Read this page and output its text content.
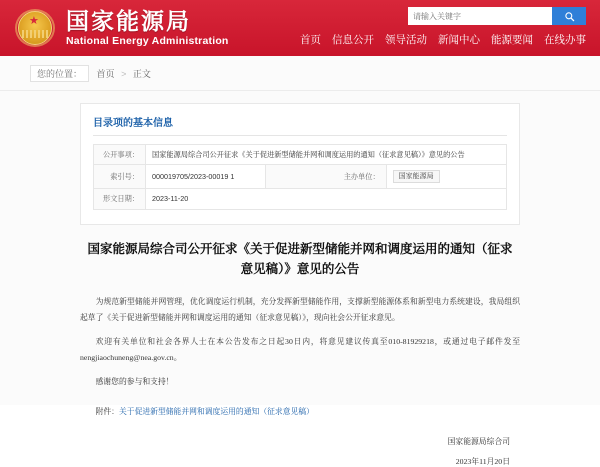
★ 国家能源局
National Energy Administration
请输入关键字	首页 信息公开 领导活动 新闻中心 能源要闻 在线办事
您的位置： 首页 > 正文
目录项的基本信息
公开事项：	国家能源局综合司公开征求《关于促进新型储能并网和调度运用的通知（征求意见稿）》意见的公告		
索引号：	000019705/2023-00019 1	主办单位：	国家能源局
形文日期：	2023-11-20		
国家能源局综合司公开征求《关于促进新型储能并网和调度运用的通知（征求意见稿）》意见的公告
为规范新型储能并网管理，优化调度运行机制，充分发挥新型储能作用，支撑新型能源体系和新型电力系统建设，我局组织起草了《关于促进新型储能并网和调度运用的通知（征求意见稿）》，现向社会公开征求意见。
欢迎有关单位和社会各界人士在本公告发布之日起30日内，将意见建议传真至010-81929218，或通过电子邮件发至 nengjiaochuneng@nea.gov.cn。
感谢您的参与和支持！
附件：关于促进新型储能并网和调度运用的通知（征求意见稿）
国家能源局综合司
2023年11月20日
